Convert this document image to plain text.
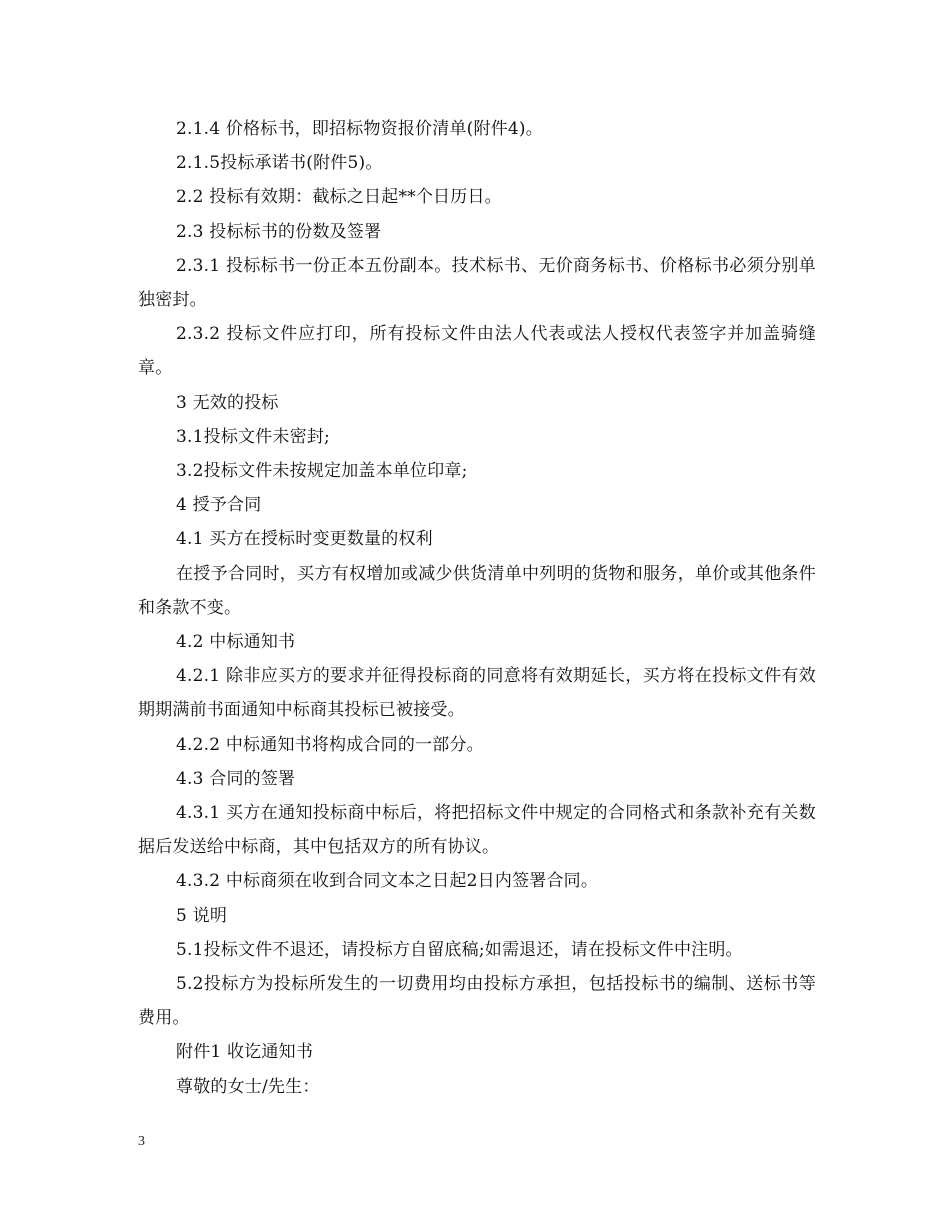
2.1.4 价格标书，即招标物资报价清单(附件4)。

2.1.5投标承诺书(附件5)。

2.2 投标有效期：截标之日起**个日历日。

2.3 投标标书的份数及签署

2.3.1 投标标书一份正本五份副本。技术标书、无价商务标书、价格标书必须分别单独密封。

2.3.2 投标文件应打印，所有投标文件由法人代表或法人授权代表签字并加盖骑缝章。

3 无效的投标

3.1投标文件未密封;

3.2投标文件未按规定加盖本单位印章;

4 授予合同

4.1 买方在授标时变更数量的权利

在授予合同时，买方有权增加或减少供货清单中列明的货物和服务，单价或其他条件和条款不变。

4.2 中标通知书

4.2.1 除非应买方的要求并征得投标商的同意将有效期延长，买方将在投标文件有效期期满前书面通知中标商其投标已被接受。

4.2.2 中标通知书将构成合同的一部分。

4.3 合同的签署

4.3.1 买方在通知投标商中标后，将把招标文件中规定的合同格式和条款补充有关数据后发送给中标商，其中包括双方的所有协议。

4.3.2 中标商须在收到合同文本之日起2日内签署合同。

5 说明

5.1投标文件不退还，请投标方自留底稿;如需退还，请在投标文件中注明。

5.2投标方为投标所发生的一切费用均由投标方承担，包括投标书的编制、送标书等费用。

附件1 收讫通知书

尊敬的女士/先生：

3
